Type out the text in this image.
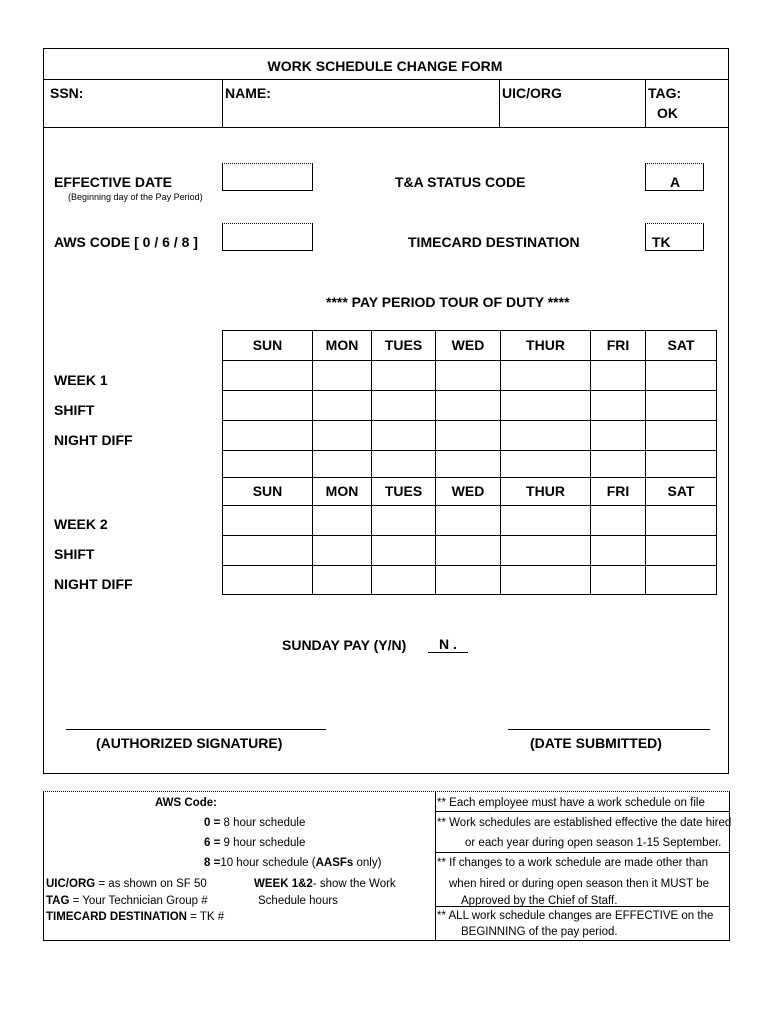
WORK SCHEDULE CHANGE FORM
SSN:	NAME:	UIC/ORG	TAG:
OK
EFFECTIVE DATE
(Beginning day of the Pay Period)
T&A STATUS CODE	A
AWS CODE [ 0 / 6 / 8 ]	TIMECARD DESTINATION	TK
**** PAY PERIOD TOUR OF DUTY ****
SUN	MON	TUES	WED	THUR	FRI	SAT
SUN	MON	TUES	WED	THUR	FRI	SAT
WEEK 1
SHIFT
NIGHT DIFF
WEEK 2
SHIFT
NIGHT DIFF
SUNDAY PAY (Y/N)	N .
(AUTHORIZED SIGNATURE)	(DATE SUBMITTED)
AWS Code:
0 = 8 hour schedule
6 = 9 hour schedule
8 =10 hour schedule (AASFs only)
UIC/ORG = as shown on SF 50
TAG = Your Technician Group #
TIMECARD DESTINATION = TK #
WEEK 1&2- show the Work
Schedule hours
** Each employee must have a work schedule on file
** Work schedules are established effective the date hired
or each year during open season 1-15 September.
** If changes to a work schedule are made other than
when hired or during open season then it MUST be
Approved by the Chief of Staff.
** ALL work schedule changes are EFFECTIVE on the
BEGINNING of the pay period.
